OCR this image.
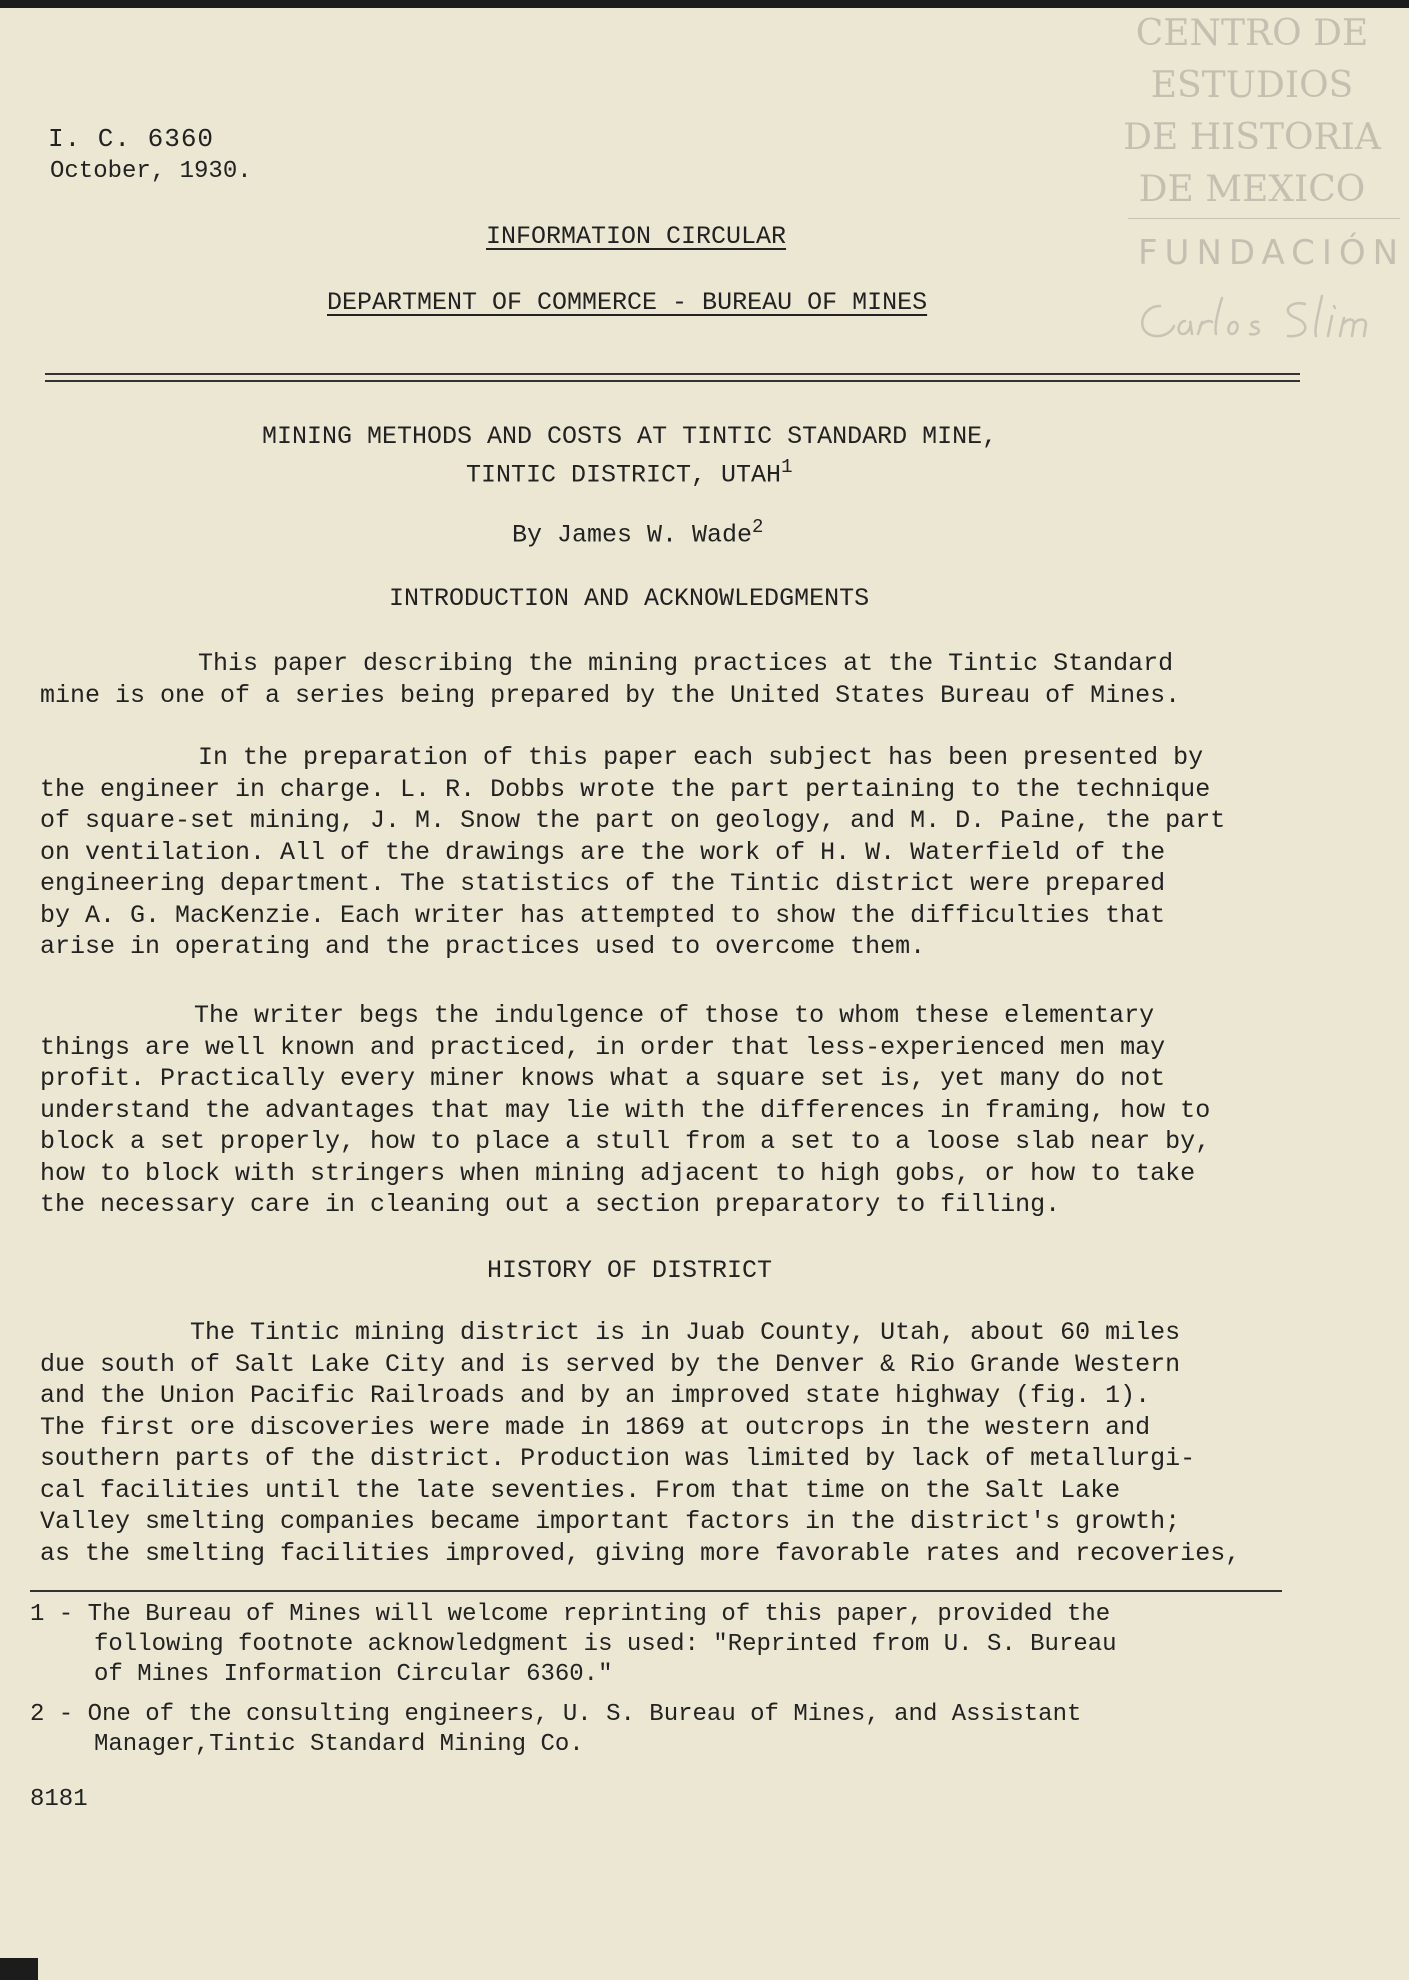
CENTRO DE
ESTUDIOS
DE HISTORIA
DE MEXICO
FUNDACIÓN
I. C. 6360
October, 1930.
INFORMATION CIRCULAR
DEPARTMENT OF COMMERCE - BUREAU OF MINES
MINING METHODS AND COSTS AT TINTIC STANDARD MINE,
TINTIC DISTRICT, UTAH$^1$
By James W. Wade$^2$
INTRODUCTION AND ACKNOWLEDGMENTS
This paper describing the mining practices at the Tintic Standard
mine is one of a series being prepared by the United States Bureau of Mines.
In the preparation of this paper each subject has been presented by
the engineer in charge. L. R. Dobbs wrote the part pertaining to the technique
of square-set mining, J. M. Snow the part on geology, and M. D. Paine, the part
on ventilation. All of the drawings are the work of H. W. Waterfield of the
engineering department. The statistics of the Tintic district were prepared
by A. G. MacKenzie. Each writer has attempted to show the difficulties that
arise in operating and the practices used to overcome them.
The writer begs the indulgence of those to whom these elementary
things are well known and practiced, in order that less-experienced men may
profit. Practically every miner knows what a square set is, yet many do not
understand the advantages that may lie with the differences in framing, how to
block a set properly, how to place a stull from a set to a loose slab near by,
how to block with stringers when mining adjacent to high gobs, or how to take
the necessary care in cleaning out a section preparatory to filling.
HISTORY OF DISTRICT
The Tintic mining district is in Juab County, Utah, about 60 miles
due south of Salt Lake City and is served by the Denver & Rio Grande Western
and the Union Pacific Railroads and by an improved state highway (fig. 1).
The first ore discoveries were made in 1869 at outcrops in the western and
southern parts of the district. Production was limited by lack of metallurgi-
cal facilities until the late seventies. From that time on the Salt Lake
Valley smelting companies became important factors in the district's growth;
as the smelting facilities improved, giving more favorable rates and recoveries,
1 - The Bureau of Mines will welcome reprinting of this paper, provided the
following footnote acknowledgment is used: "Reprinted from U. S. Bureau
of Mines Information Circular 6360."
2 - One of the consulting engineers, U. S. Bureau of Mines, and Assistant
Manager,Tintic Standard Mining Co.
8181
